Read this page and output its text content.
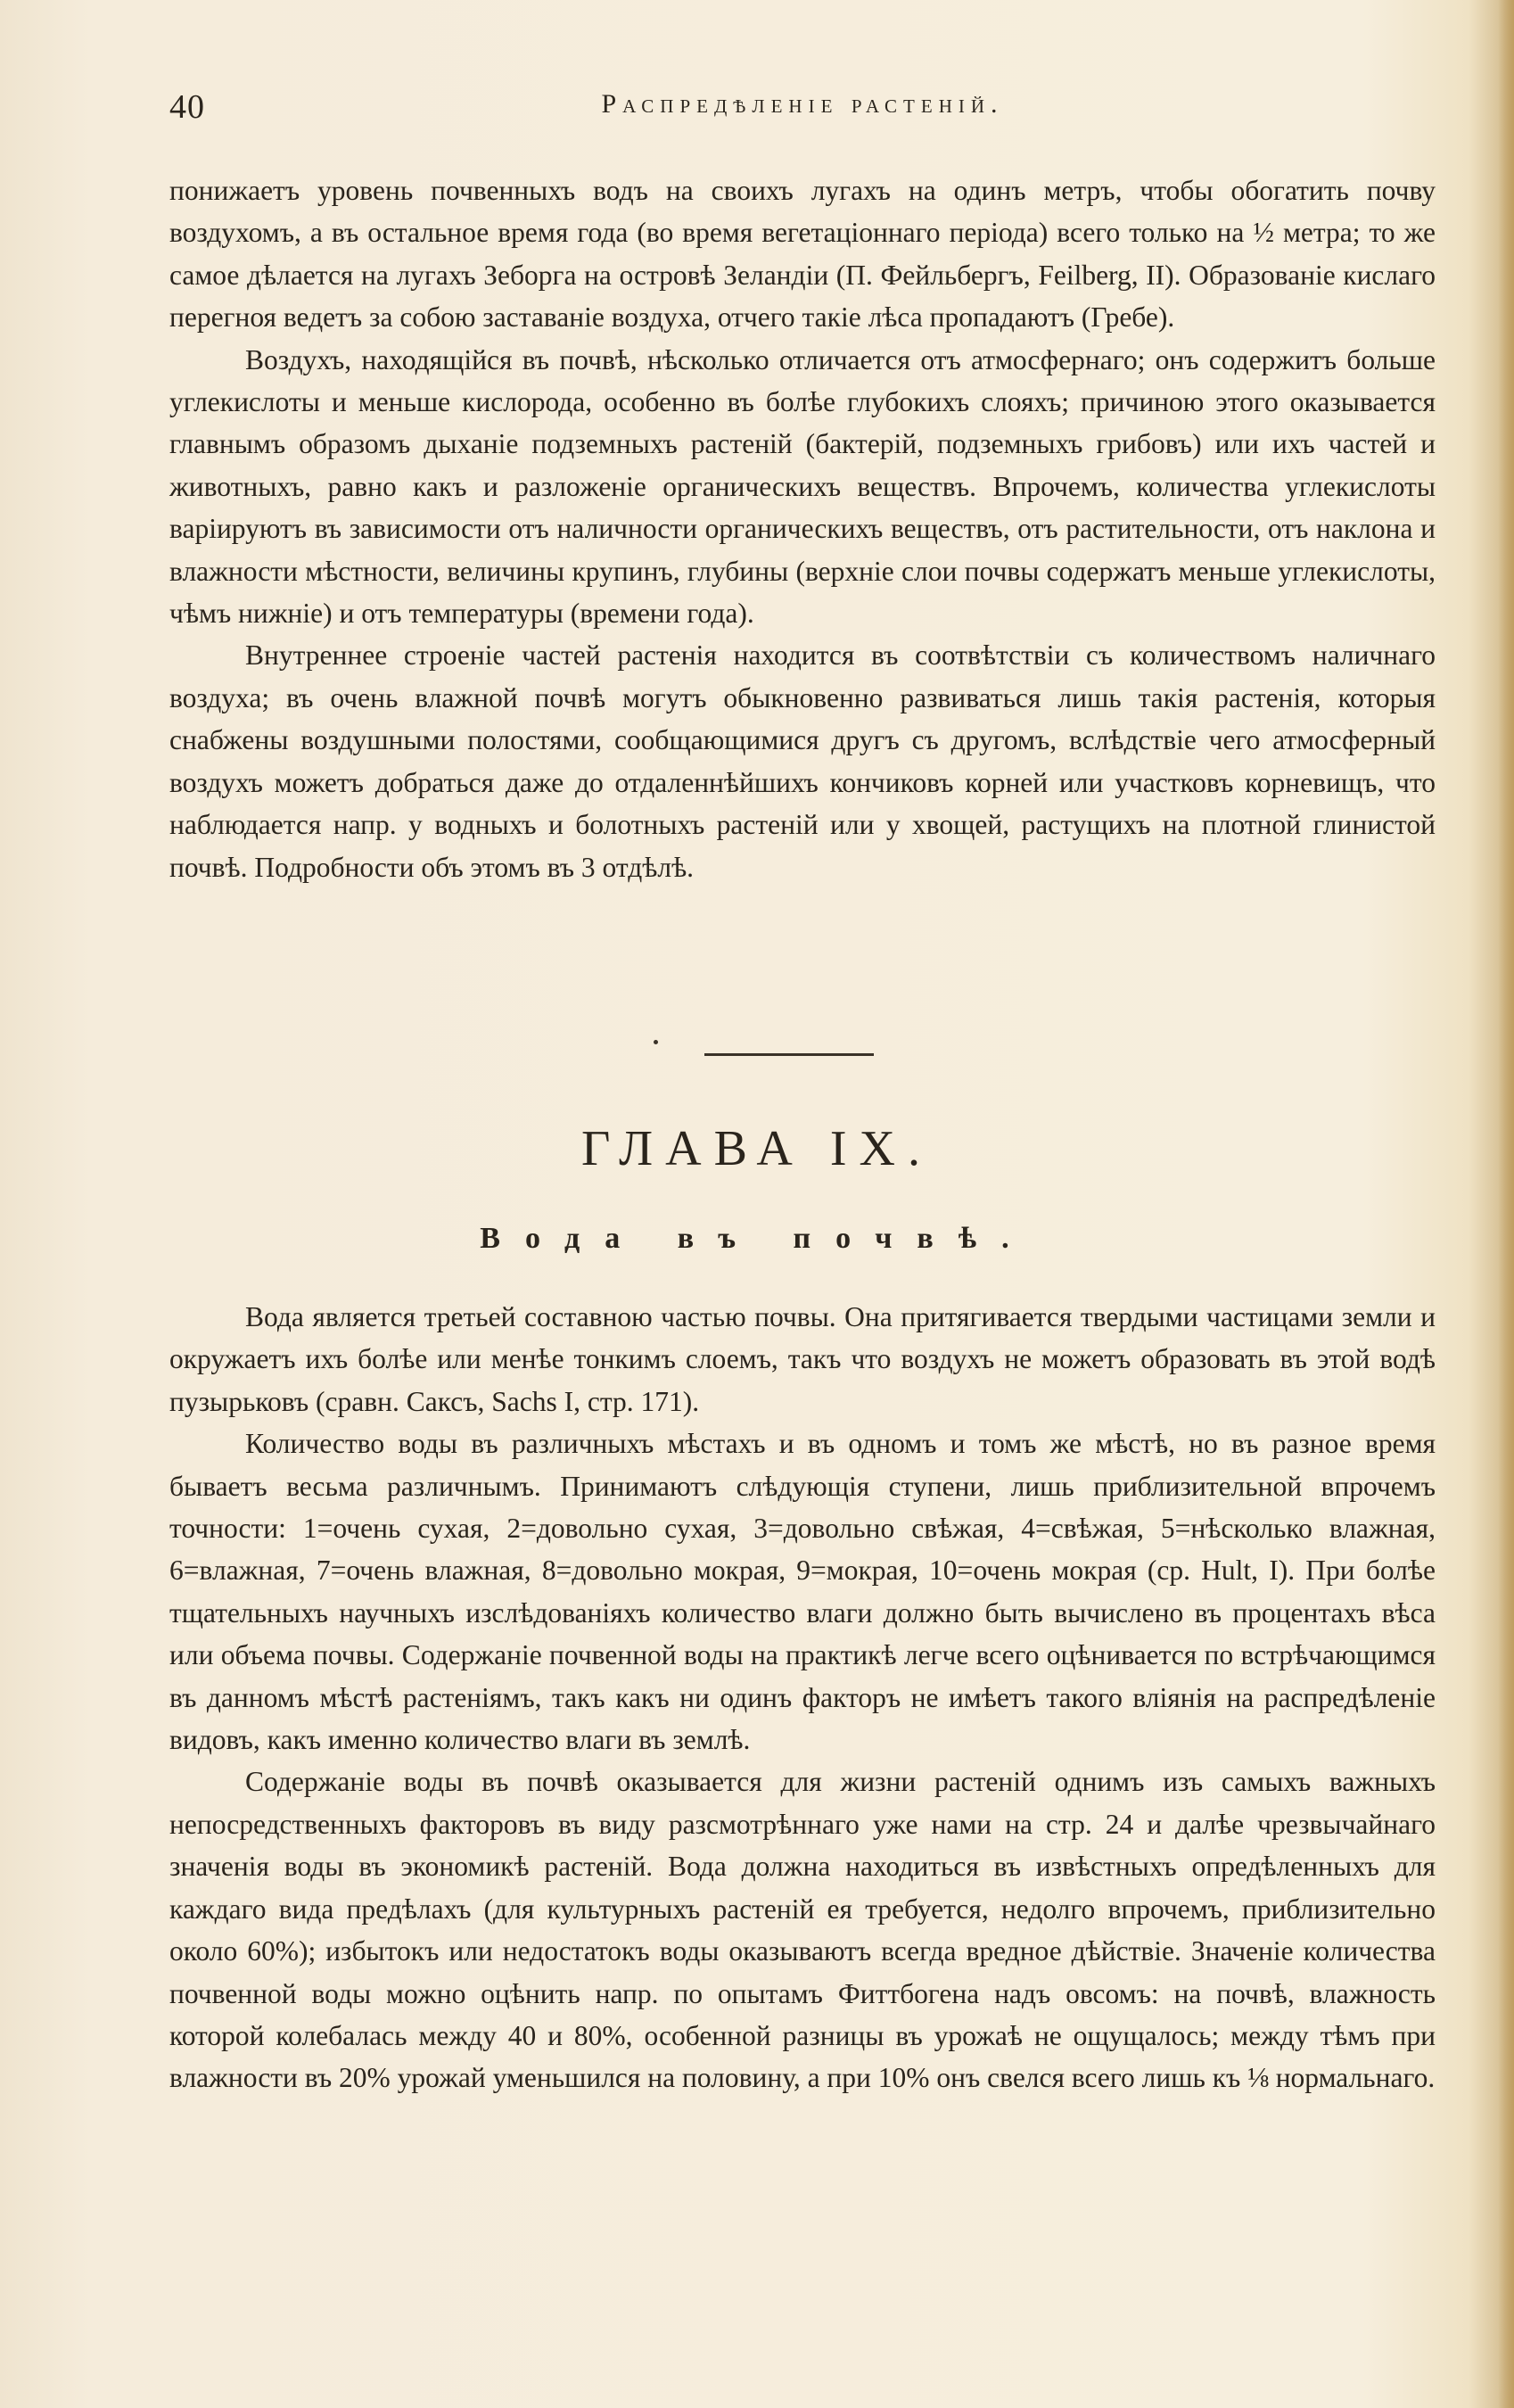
40	Распредѣленіе растеній.

понижаетъ уровень почвенныхъ водъ на своихъ лугахъ на одинъ метръ, чтобы обогатить почву воздухомъ, а въ остальное время года (во время вегетаціоннаго періода) всего только на ½ метра; то же самое дѣлается на лугахъ Зеборга на островѣ Зеландіи (П. Фейльбергъ, Feilberg, II). Образованіе кислаго перегноя ведетъ за собою заставаніе воздуха, отчего такіе лѣса пропадаютъ (Гребе).

Воздухъ, находящійся въ почвѣ, нѣсколько отличается отъ атмосфернаго; онъ содержитъ больше углекислоты и меньше кислорода, особенно въ болѣе глубокихъ слояхъ; причиною этого оказывается главнымъ образомъ дыханіе подземныхъ растеній (бактерій, подземныхъ грибовъ) или ихъ частей и животныхъ, равно какъ и разложеніе органическихъ веществъ. Впрочемъ, количества углекислоты варіируютъ въ зависимости отъ наличности органическихъ веществъ, отъ растительности, отъ наклона и влажности мѣстности, величины крупинъ, глубины (верхніе слои почвы содержатъ меньше углекислоты, чѣмъ нижніе) и отъ температуры (времени года).

Внутреннее строеніе частей растенія находится въ соотвѣтствіи съ количествомъ наличнаго воздуха; въ очень влажной почвѣ могутъ обыкновенно развиваться лишь такія растенія, которыя снабжены воздушными полостями, сообщающимися другъ съ другомъ, вслѣдствіе чего атмосферный воздухъ можетъ добраться даже до отдаленнѣйшихъ кончиковъ корней или участковъ корневищъ, что наблюдается напр. у водныхъ и болотныхъ растеній или у хвощей, растущихъ на плотной глинистой почвѣ. Подробности объ этомъ въ 3 отдѣлѣ.

ГЛАВА IX.
Вода въ почвѣ.

Вода является третьей составною частью почвы. Она притягивается твердыми частицами земли и окружаетъ ихъ болѣе или менѣе тонкимъ слоемъ, такъ что воздухъ не можетъ образовать въ этой водѣ пузырьковъ (сравн. Саксъ, Sachs I, стр. 171).

Количество воды въ различныхъ мѣстахъ и въ одномъ и томъ же мѣстѣ, но въ разное время бываетъ весьма различнымъ. Принимаютъ слѣдующія ступени, лишь приблизительной впрочемъ точности: 1=очень сухая, 2=довольно сухая, 3=довольно свѣжая, 4=свѣжая, 5=нѣсколько влажная, 6=влажная, 7=очень влажная, 8=довольно мокрая, 9=мокрая, 10=очень мокрая (ср. Hult, I). При болѣе тщательныхъ научныхъ изслѣдованіяхъ количество влаги должно быть вычислено въ процентахъ вѣса или объема почвы. Содержаніе почвенной воды на практикѣ легче всего оцѣнивается по встрѣчающимся въ данномъ мѣстѣ растеніямъ, такъ какъ ни одинъ факторъ не имѣетъ такого вліянія на распредѣленіе видовъ, какъ именно количество влаги въ землѣ.

Содержаніе воды въ почвѣ оказывается для жизни растеній однимъ изъ самыхъ важныхъ непосредственныхъ факторовъ въ виду разсмотрѣннаго уже нами на стр. 24 и далѣе чрезвычайнаго значенія воды въ экономикѣ растеній. Вода должна находиться въ извѣстныхъ опредѣленныхъ для каждаго вида предѣлахъ (для культурныхъ растеній ея требуется, недолго впрочемъ, приблизительно около 60%); избытокъ или недостатокъ воды оказываютъ всегда вредное дѣйствіе. Значеніе количества почвенной воды можно оцѣнить напр. по опытамъ Фиттбогена надъ овсомъ: на почвѣ, влажность которой колебалась между 40 и 80%, особенной разницы въ урожаѣ не ощущалось; между тѣмъ при влажности въ 20% урожай уменьшился на половину, а при 10% онъ свелся всего лишь къ ⅛ нормальнаго.
